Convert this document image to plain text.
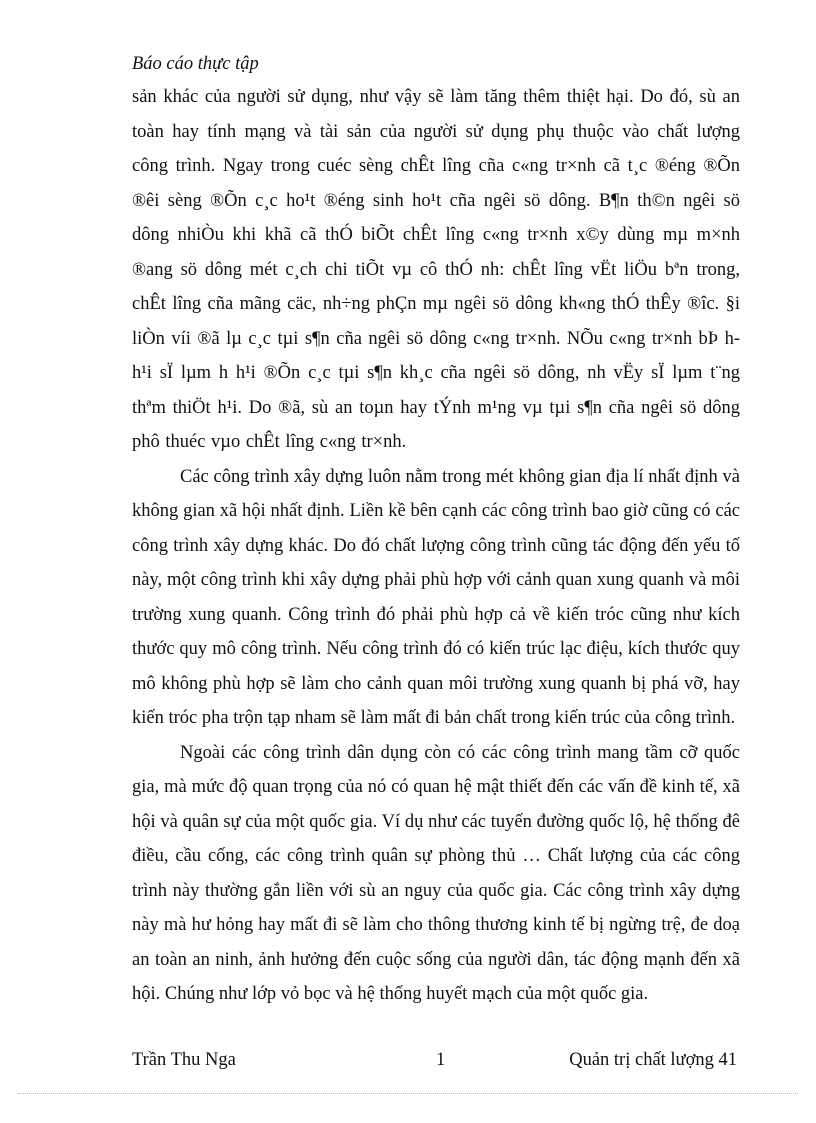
Báo cáo thực tập

sản khác của người sử dụng, như vậy sẽ làm tăng thêm thiệt hại. Do đó, sù an toàn hay tính mạng và tài sản của người sử dụng phụ thuộc vào chất lượng công trình. Ngay trong cuéc sèng chÊt lîng cña c«ng tr×nh cã t¸c ®éng ®Õn ®êi sèng ®Õn c¸c ho¹t ®éng sinh ho¹t cña ngêi sö dông. B¶n th©n ngêi sö dông nhiÒu khi khã cã thÓ biÕt chÊt lîng c«ng tr×nh x©y dùng mµ m×nh ®ang sö dông mét c¸ch chi tiÕt vµ cô thÓ nh: chÊt lîng vËt liÖu bªn trong, chÊt lîng cña mãng cäc, nh÷ng phÇn mµ ngêi sö dông kh«ng thÓ thÊy ®îc. §i liÒn víi ®ã lµ c¸c tµi s¶n cña ngêi sö dông c«ng tr×nh. NÕu c«ng tr×nh bÞ h h¹i sÏ lµm h h¹i ®Õn c¸c tµi s¶n kh¸c cña ngêi sö dông, nh vËy sÏ lµm t¨ng thªm thiÖt h¹i. Do ®ã, sù an toµn hay tÝnh m¹ng vµ tµi s¶n cña ngêi sö dông phô thuéc vµo chÊt lîng c«ng tr×nh.

Các công trình xây dựng luôn nằm trong mét không gian địa lí nhất định và không gian xã hội nhất định. Liền kề bên cạnh các công trình bao giờ cũng có các công trình xây dựng khác. Do đó chất lượng công trình cũng tác động đến yếu tố này, một công trình khi xây dựng phải phù hợp với cảnh quan xung quanh và môi trường xung quanh. Công trình đó phải phù hợp cả về kiến tróc cũng như kích thước quy mô công trình. Nếu công trình đó có kiến trúc lạc điệu, kích thước quy mô không phù hợp sẽ làm cho cảnh quan môi trường xung quanh bị phá vỡ, hay kiến tróc pha trộn tạp nham sẽ làm mất đi bản chất trong kiến trúc của công trình.

Ngoài các công trình dân dụng còn có các công trình mang tầm cỡ quốc gia, mà mức độ quan trọng của nó có quan hệ mật thiết đến các vấn đề kinh tế, xã hội và quân sự của một quốc gia. Ví dụ như các tuyến đường quốc lộ, hệ thống đê điều, cầu cống, các công trình quân sự phòng thủ … Chất lượng của các công trình này thường gắn liền với sù an nguy của quốc gia. Các công trình xây dựng này mà hư hỏng hay mất đi sẽ làm cho thông thương kinh tế bị ngừng trệ, đe doạ an toàn an ninh, ảnh hưởng đến cuộc sống của người dân, tác động mạnh đến xã hội. Chúng như lớp vỏ bọc và hệ thống huyết mạch của một quốc gia.

Trần Thu Nga	1	Quản trị chất lượng 41
